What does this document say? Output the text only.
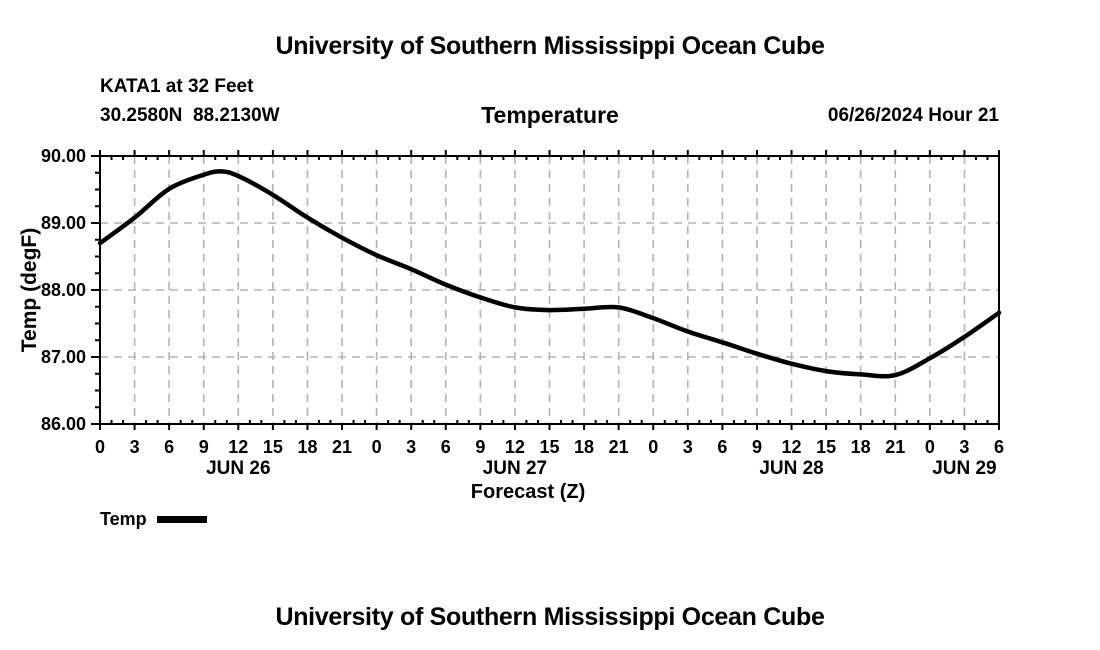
University of Southern Mississippi Ocean Cube
KATA1 at 32 Feet
30.2580N  88.2130W	Temperature	06/26/2024 Hour 21
Temp (degF)
0 3 6 9 12 15 18 21 0 3 6 9 12 15 18 21 0 3 6 9 12 15 18 21 0 3 6
86.00
87.00
88.00
89.00
90.00
JUN 26	JUN 27	JUN 28	JUN 29
Forecast (Z)
Temp
University of Southern Mississippi Ocean Cube
